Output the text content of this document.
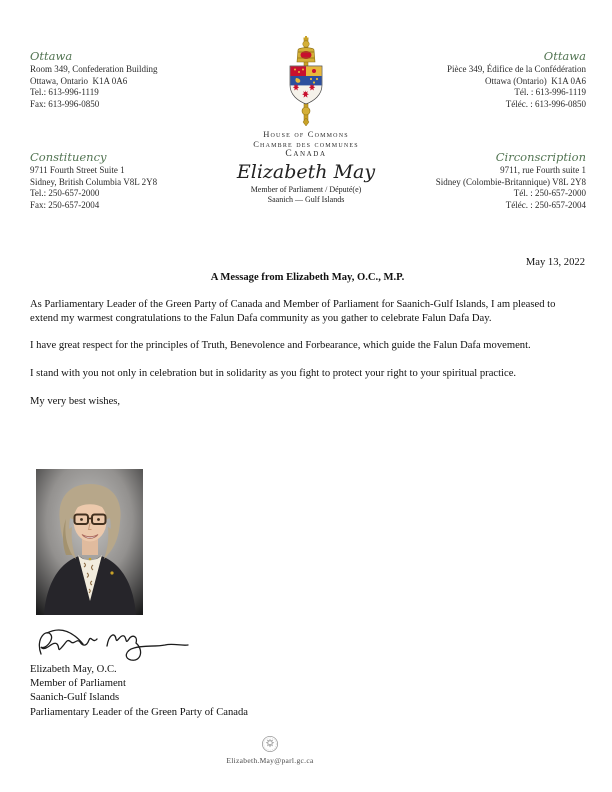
Ottawa
Room 349, Confederation Building
Ottawa, Ontario  K1A 0A6
Tel.: 613-996-1119
Fax: 613-996-0850
Ottawa
Pièce 349, Édifice de la Confédération
Ottawa (Ontario)  K1A 0A6
Tél. : 613-996-1119
Téléc. : 613-996-0850
House of Commons
Chambre des communes
Canada
Constituency
9711 Fourth Street Suite 1
Sidney, British Columbia V8L 2Y8
Tel.: 250-657-2000
Fax: 250-657-2004
Circonscription
9711, rue Fourth suite 1
Sidney (Colombie-Britannique) V8L 2Y8
Tél. : 250-657-2000
Téléc. : 250-657-2004
Elizabeth May
Member of Parliament / Député(e)
Saanich — Gulf Islands
May 13, 2022
A Message from Elizabeth May, O.C., M.P.

As Parliamentary Leader of the Green Party of Canada and Member of Parliament for Saanich-Gulf Islands, I am pleased to extend my warmest congratulations to the Falun Dafa community as you gather to celebrate Falun Dafa Day.

I have great respect for the principles of Truth, Benevolence and Forbearance, which guide the Falun Dafa movement.

I stand with you not only in celebration but in solidarity as you fight to protect your right to your spiritual practice.

My very best wishes,

Elizabeth May, O.C.
Member of Parliament
Saanich-Gulf Islands
Parliamentary Leader of the Green Party of Canada
Elizabeth.May@parl.gc.ca
